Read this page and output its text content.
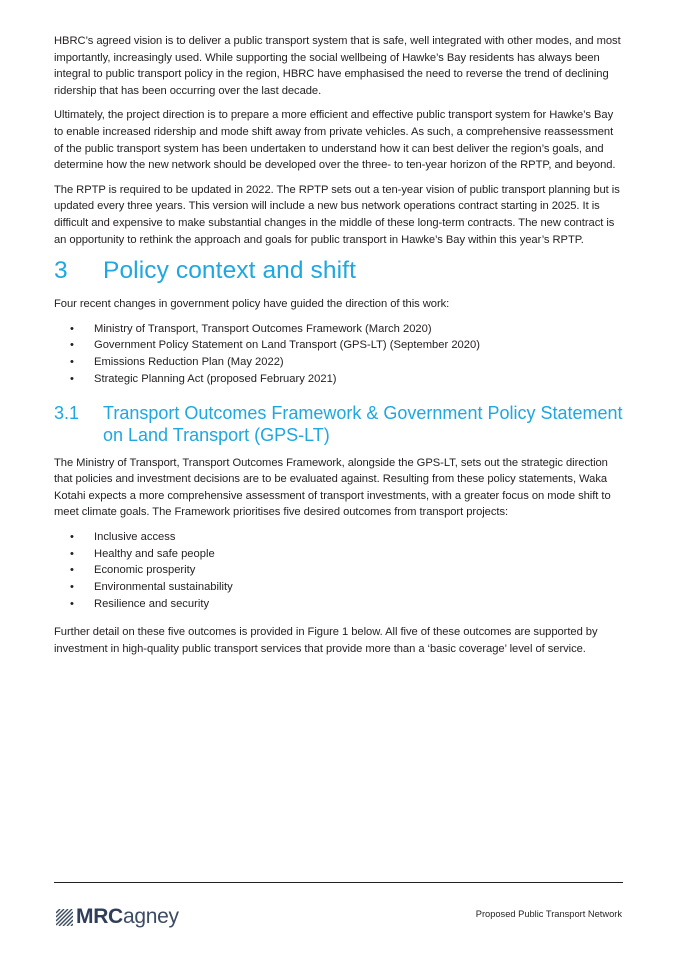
HBRC’s agreed vision is to deliver a public transport system that is safe, well integrated with other modes, and most importantly, increasingly used. While supporting the social wellbeing of Hawke’s Bay residents has always been integral to public transport policy in the region, HBRC have emphasised the need to reverse the trend of declining ridership that has been occurring over the last decade.

Ultimately, the project direction is to prepare a more efficient and effective public transport system for Hawke’s Bay to enable increased ridership and mode shift away from private vehicles. As such, a comprehensive reassessment of the public transport system has been undertaken to understand how it can best deliver the region’s goals, and determine how the new network should be developed over the three- to ten-year horizon of the RPTP, and beyond.

The RPTP is required to be updated in 2022. The RPTP sets out a ten-year vision of public transport planning but is updated every three years. This version will include a new bus network operations contract starting in 2025. It is difficult and expensive to make substantial changes in the middle of these long-term contracts. The new contract is an opportunity to rethink the approach and goals for public transport in Hawke’s Bay within this year’s RPTP.

3	Policy context and shift

Four recent changes in government policy have guided the direction of this work:

• Ministry of Transport, Transport Outcomes Framework (March 2020)
• Government Policy Statement on Land Transport (GPS-LT) (September 2020)
• Emissions Reduction Plan (May 2022)
• Strategic Planning Act (proposed February 2021)
3.1	Transport Outcomes Framework & Government Policy Statement on Land Transport (GPS-LT)

The Ministry of Transport, Transport Outcomes Framework, alongside the GPS-LT, sets out the strategic direction that policies and investment decisions are to be evaluated against. Resulting from these policy statements, Waka Kotahi expects a more comprehensive assessment of transport investments, with a greater focus on mode shift to meet climate goals. The Framework prioritises five desired outcomes from transport projects:

• Inclusive access
• Healthy and safe people
• Economic prosperity
• Environmental sustainability
• Resilience and security

Further detail on these five outcomes is provided in Figure 1 below. All five of these outcomes are supported by investment in high-quality public transport services that provide more than a ‘basic coverage’ level of service.

MRCagney	Proposed Public Transport Network
